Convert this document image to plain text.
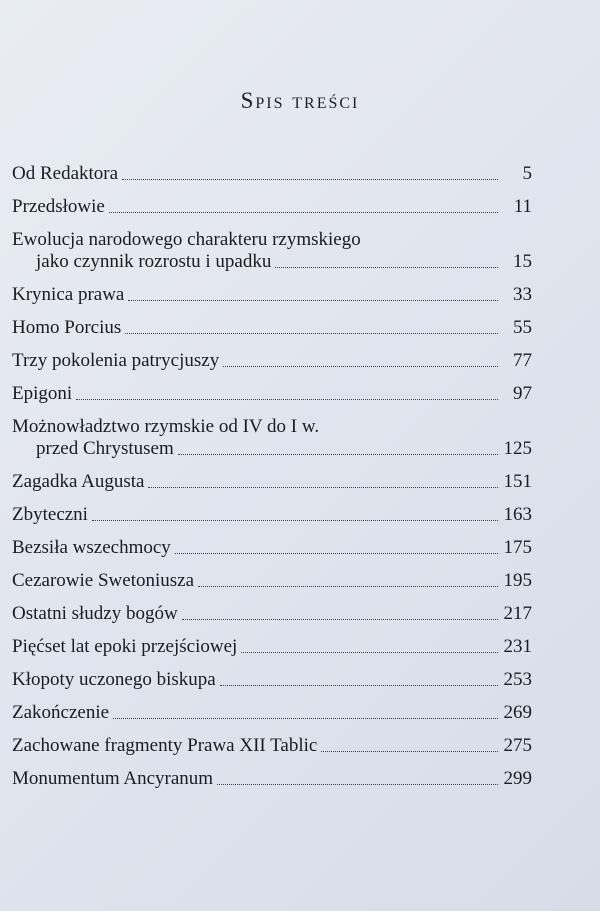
Spis treści
Od Redaktora	5
Przedsłowie	11
Ewolucja narodowego charakteru rzymskiego
jako czynnik rozrostu i upadku	15
Krynica prawa	33
Homo Porcius	55
Trzy pokolenia patrycjuszy	77
Epigoni	97
Możnowładztwo rzymskie od IV do I w.
przed Chrystusem	125
Zagadka Augusta	151
Zbyteczni	163
Bezsiła wszechmocy	175
Cezarowie Swetoniusza	195
Ostatni słudzy bogów	217
Pięćset lat epoki przejściowej	231
Kłopoty uczonego biskupa	253
Zakończenie	269
Zachowane fragmenty Prawa XII Tablic	275
Monumentum Ancyranum	299
